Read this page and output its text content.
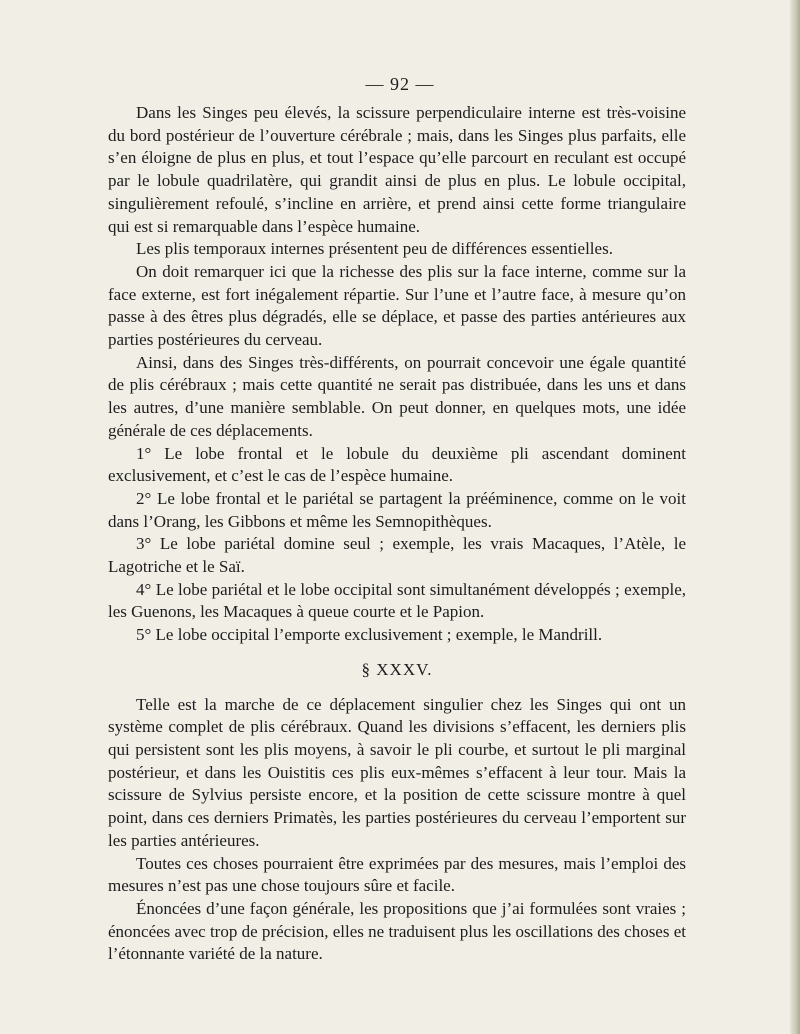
— 92 —

Dans les Singes peu élevés, la scissure perpendiculaire interne est très-voisine du bord postérieur de l’ouverture cérébrale ; mais, dans les Singes plus parfaits, elle s’en éloigne de plus en plus, et tout l’espace qu’elle parcourt en reculant est occupé par le lobule quadrilatère, qui grandit ainsi de plus en plus. Le lobule occipital, singulièrement refoulé, s’incline en arrière, et prend ainsi cette forme triangulaire qui est si remarquable dans l’espèce humaine.

Les plis temporaux internes présentent peu de différences essentielles.

On doit remarquer ici que la richesse des plis sur la face interne, comme sur la face externe, est fort inégalement répartie. Sur l’une et l’autre face, à mesure qu’on passe à des êtres plus dégradés, elle se déplace, et passe des parties antérieures aux parties postérieures du cerveau.

Ainsi, dans des Singes très-différents, on pourrait concevoir une égale quantité de plis cérébraux ; mais cette quantité ne serait pas distribuée, dans les uns et dans les autres, d’une manière semblable. On peut donner, en quelques mots, une idée générale de ces déplacements.

1° Le lobe frontal et le lobule du deuxième pli ascendant dominent exclusivement, et c’est le cas de l’espèce humaine.

2° Le lobe frontal et le pariétal se partagent la prééminence, comme on le voit dans l’Orang, les Gibbons et même les Semnopithèques.

3° Le lobe pariétal domine seul ; exemple, les vrais Macaques, l’Atèle, le Lagotriche et le Saï.

4° Le lobe pariétal et le lobe occipital sont simultanément développés ; exemple, les Guenons, les Macaques à queue courte et le Papion.

5° Le lobe occipital l’emporte exclusivement ; exemple, le Mandrill.

§ XXXV.

Telle est la marche de ce déplacement singulier chez les Singes qui ont un système complet de plis cérébraux. Quand les divisions s’effacent, les derniers plis qui persistent sont les plis moyens, à savoir le pli courbe, et surtout le pli marginal postérieur, et dans les Ouistitis ces plis eux-mêmes s’effacent à leur tour. Mais la scissure de Sylvius persiste encore, et la position de cette scissure montre à quel point, dans ces derniers Primatès, les parties postérieures du cerveau l’emportent sur les parties antérieures.

Toutes ces choses pourraient être exprimées par des mesures, mais l’emploi des mesures n’est pas une chose toujours sûre et facile.

Énoncées d’une façon générale, les propositions que j’ai formulées sont vraies ; énoncées avec trop de précision, elles ne traduisent plus les oscillations des choses et l’étonnante variété de la nature.
